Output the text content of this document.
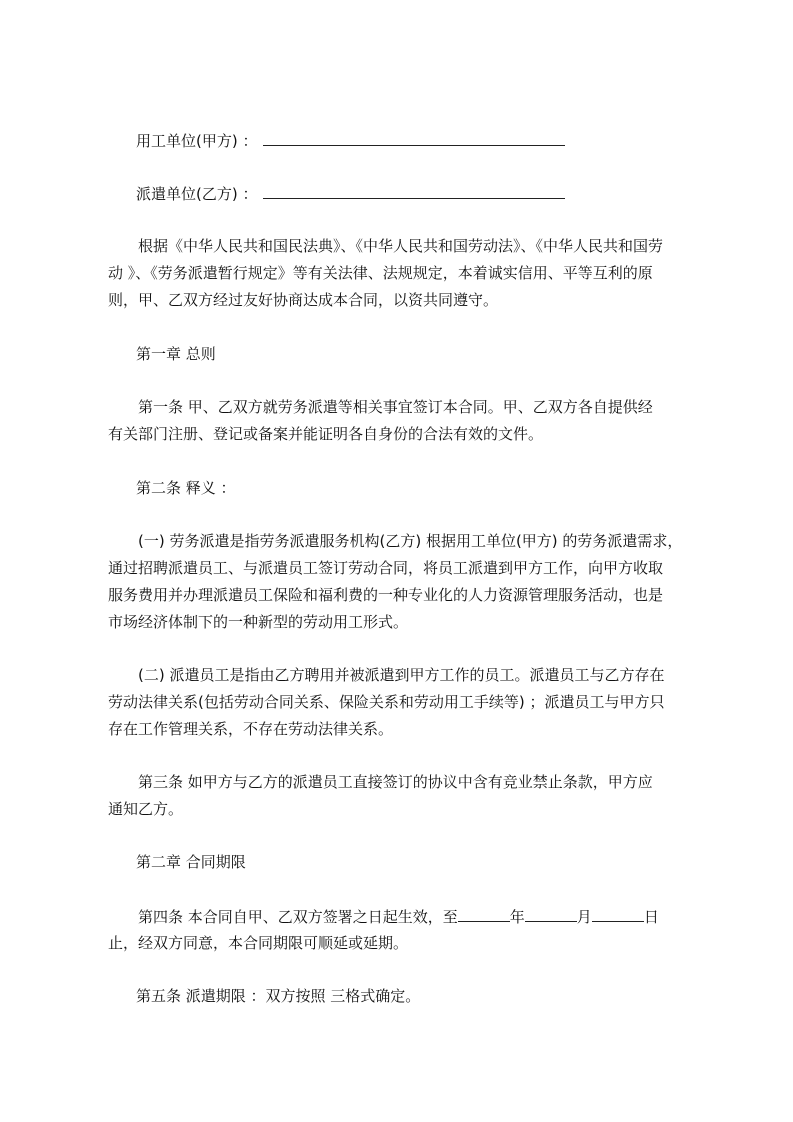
用工单位(甲方) ：
派遣单位(乙方) ：
根据《中华人民共和国民法典》、《中华人民共和国劳动法》、《中华人民共和国劳
动 》、《劳务派遣暂行规定》等有关法律、法规规定，本着诚实信用、平等互利的原
则，甲、乙双方经过友好协商达成本合同，以资共同遵守。
第一章 总则
第一条 甲、乙双方就劳务派遣等相关事宜签订本合同。甲、乙双方各自提供经
有关部门注册、登记或备案并能证明各自身份的合法有效的文件。
第二条 释义 ：
(一) 劳务派遣是指劳务派遣服务机构(乙方) 根据用工单位(甲方) 的劳务派遣需求，
通过招聘派遣员工、与派遣员工签订劳动合同，将员工派遣到甲方工作，向甲方收取
服务费用并办理派遣员工保险和福利费的一种专业化的人力资源管理服务活动，也是
市场经济体制下的一种新型的劳动用工形式。
(二) 派遣员工是指由乙方聘用并被派遣到甲方工作的员工。派遣员工与乙方存在
劳动法律关系(包括劳动合同关系、保险关系和劳动用工手续等) ；派遣员工与甲方只
存在工作管理关系，不存在劳动法律关系。
第三条 如甲方与乙方的派遣员工直接签订的协议中含有竞业禁止条款，甲方应
通知乙方。
第二章 合同期限
第四条 本合同自甲、乙双方签署之日起生效，至	年	月	日
止，经双方同意，本合同期限可顺延或延期。
第五条 派遣期限 ：双方按照 三格式确定。
